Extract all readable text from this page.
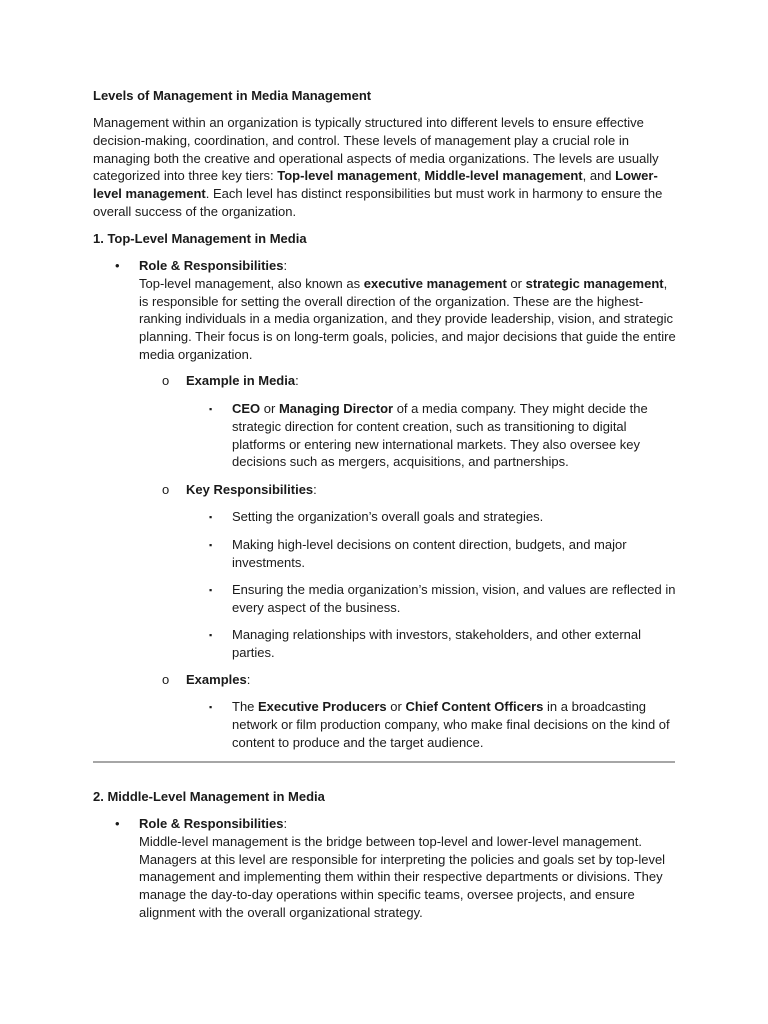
Levels of Management in Media Management

Management within an organization is typically structured into different levels to ensure effective decision-making, coordination, and control. These levels of management play a crucial role in managing both the creative and operational aspects of media organizations. The levels are usually categorized into three key tiers: Top-level management, Middle-level management, and Lower-level management. Each level has distinct responsibilities but must work in harmony to ensure the overall success of the organization.

1. Top-Level Management in Media

• Role & Responsibilities:
Top-level management, also known as executive management or strategic management, is responsible for setting the overall direction of the organization. These are the highest-ranking individuals in a media organization, and they provide leadership, vision, and strategic planning. Their focus is on long-term goals, policies, and major decisions that guide the entire media organization.

o Example in Media:

▪ CEO or Managing Director of a media company. They might decide the strategic direction for content creation, such as transitioning to digital platforms or entering new international markets. They also oversee key decisions such as mergers, acquisitions, and partnerships.

o Key Responsibilities:

▪ Setting the organization’s overall goals and strategies.

▪ Making high-level decisions on content direction, budgets, and major investments.

▪ Ensuring the media organization’s mission, vision, and values are reflected in every aspect of the business.

▪ Managing relationships with investors, stakeholders, and other external parties.

o Examples:

▪ The Executive Producers or Chief Content Officers in a broadcasting network or film production company, who make final decisions on the kind of content to produce and the target audience.

2. Middle-Level Management in Media

• Role & Responsibilities:
Middle-level management is the bridge between top-level and lower-level management. Managers at this level are responsible for interpreting the policies and goals set by top-level management and implementing them within their respective departments or divisions. They manage the day-to-day operations within specific teams, oversee projects, and ensure alignment with the overall organizational strategy.
